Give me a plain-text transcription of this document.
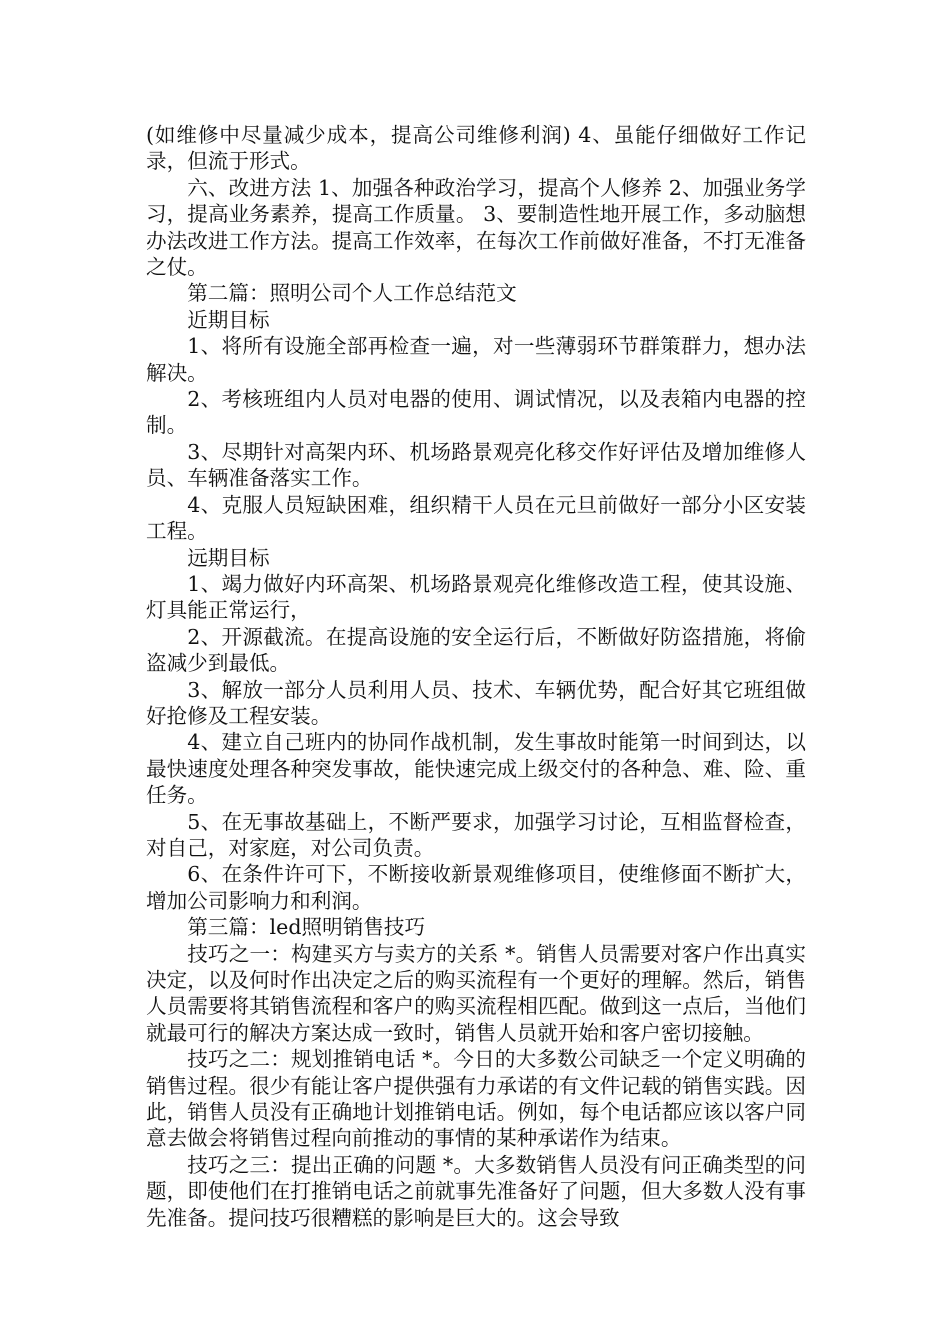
(如维修中尽量减少成本，提高公司维修利润) 4、虽能仔细做好工作记录，但流于形式。

六、改进方法 1、加强各种政治学习，提高个人修养 2、加强业务学习，提高业务素养，提高工作质量。 3、要制造性地开展工作，多动脑想办法改进工作方法。提高工作效率，在每次工作前做好准备，不打无准备之仗。

第二篇：照明公司个人工作总结范文

近期目标

1、将所有设施全部再检查一遍，对一些薄弱环节群策群力，想办法解决。

2、考核班组内人员对电器的使用、调试情况，以及表箱内电器的控制。

3、尽期针对高架内环、机场路景观亮化移交作好评估及增加维修人员、车辆准备落实工作。

4、克服人员短缺困难，组织精干人员在元旦前做好一部分小区安装工程。

远期目标

1、竭力做好内环高架、机场路景观亮化维修改造工程，使其设施、灯具能正常运行，

2、开源截流。在提高设施的安全运行后，不断做好防盗措施，将偷盗减少到最低。

3、解放一部分人员利用人员、技术、车辆优势，配合好其它班组做好抢修及工程安装。

4、建立自己班内的协同作战机制，发生事故时能第一时间到达，以最快速度处理各种突发事故，能快速完成上级交付的各种急、难、险、重任务。

5、在无事故基础上，不断严要求，加强学习讨论，互相监督检查，对自己，对家庭，对公司负责。

6、在条件许可下，不断接收新景观维修项目，使维修面不断扩大，增加公司影响力和利润。

第三篇：led照明销售技巧

技巧之一：构建买方与卖方的关系 *。销售人员需要对客户作出真实决定，以及何时作出决定之后的购买流程有一个更好的理解。然后，销售人员需要将其销售流程和客户的购买流程相匹配。做到这一点后，当他们就最可行的解决方案达成一致时，销售人员就开始和客户密切接触。

技巧之二：规划推销电话 *。今日的大多数公司缺乏一个定义明确的销售过程。很少有能让客户提供强有力承诺的有文件记载的销售实践。因此，销售人员没有正确地计划推销电话。例如，每个电话都应该以客户同意去做会将销售过程向前推动的事情的某种承诺作为结束。

技巧之三：提出正确的问题 *。大多数销售人员没有问正确类型的问题，即使他们在打推销电话之前就事先准备好了问题，但大多数人没有事先准备。提问技巧很糟糕的影响是巨大的。这会导致
